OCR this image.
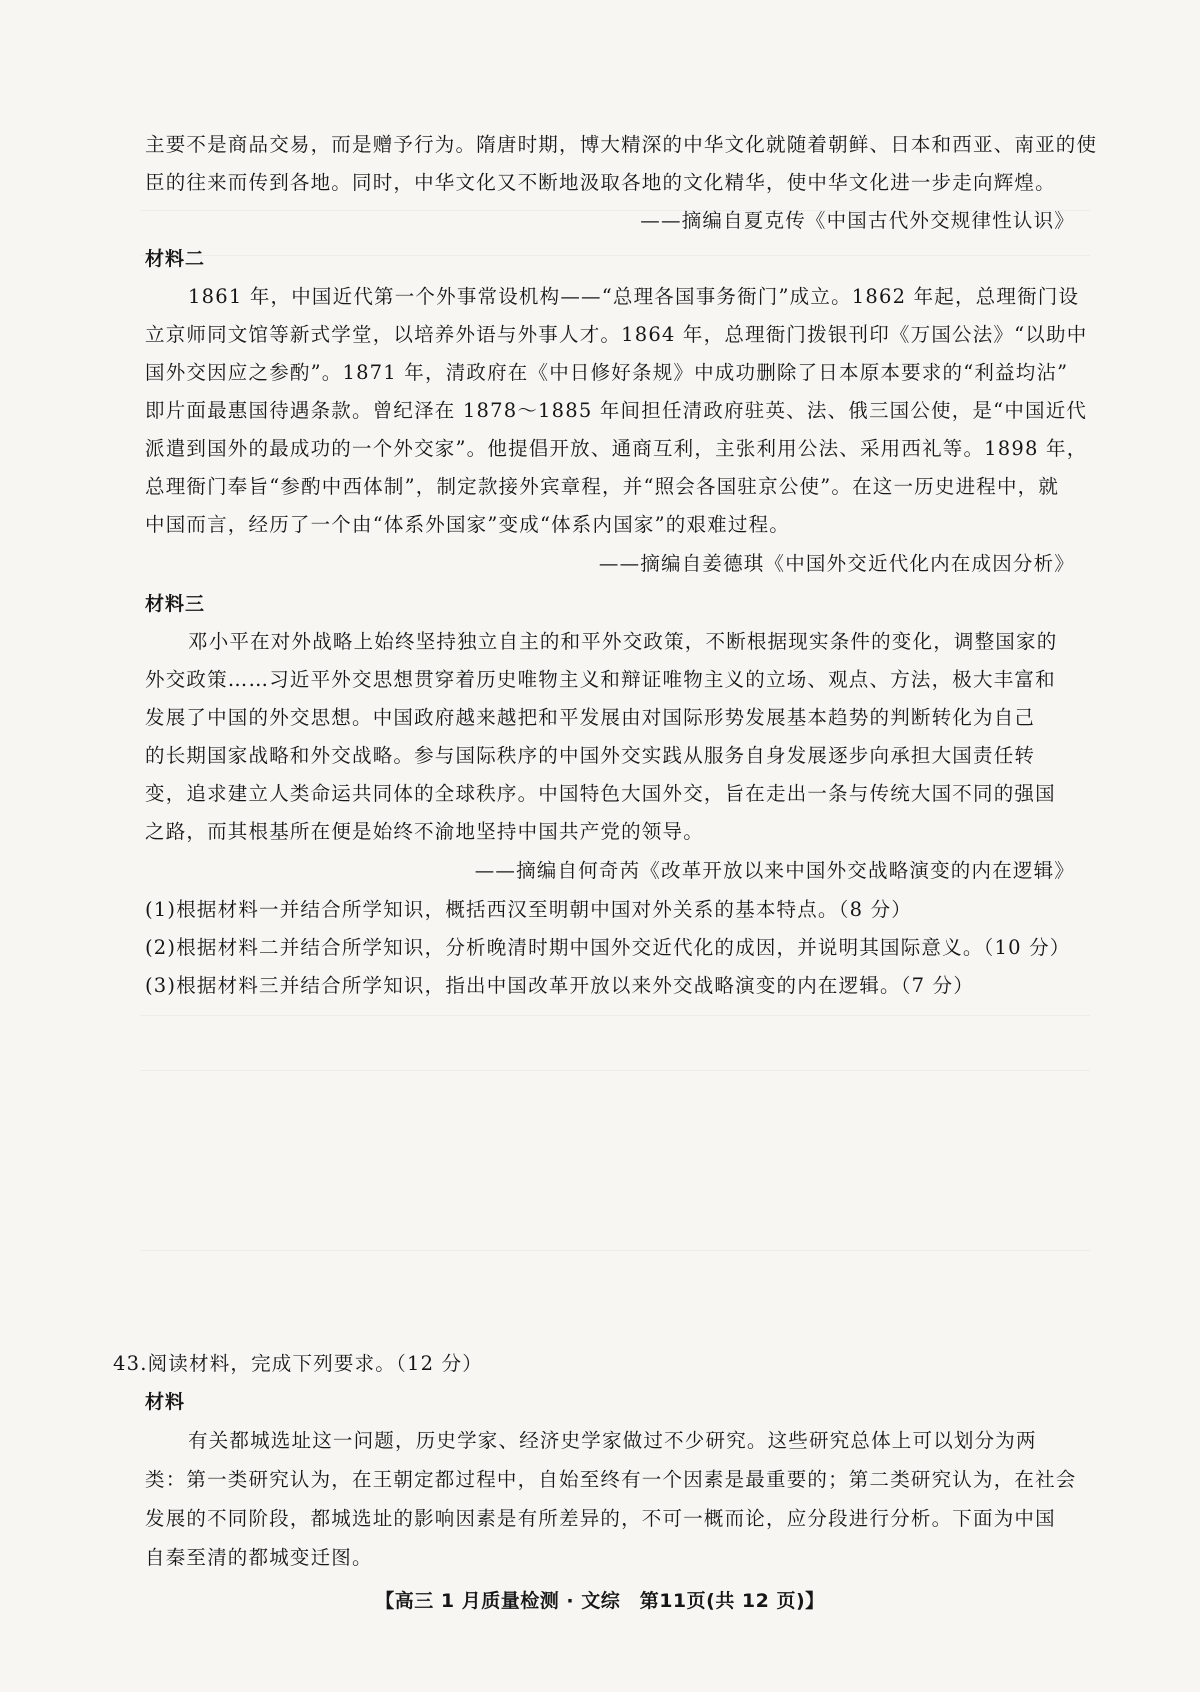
主要不是商品交易，而是赠予行为。隋唐时期，博大精深的中华文化就随着朝鲜、日本和西亚、南亚的使
臣的往来而传到各地。同时，中华文化又不断地汲取各地的文化精华，使中华文化进一步走向辉煌。
——摘编自夏克传《中国古代外交规律性认识》
材料二
1861 年，中国近代第一个外事常设机构——“总理各国事务衙门”成立。1862 年起，总理衙门设
立京师同文馆等新式学堂，以培养外语与外事人才。1864 年，总理衙门拨银刊印《万国公法》“以助中
国外交因应之参酌”。1871 年，清政府在《中日修好条规》中成功删除了日本原本要求的“利益均沾”
即片面最惠国待遇条款。曾纪泽在 1878～1885 年间担任清政府驻英、法、俄三国公使，是“中国近代
派遣到国外的最成功的一个外交家”。他提倡开放、通商互利，主张利用公法、采用西礼等。1898 年，
总理衙门奉旨“参酌中西体制”，制定款接外宾章程，并“照会各国驻京公使”。在这一历史进程中，就
中国而言，经历了一个由“体系外国家”变成“体系内国家”的艰难过程。
——摘编自姜德琪《中国外交近代化内在成因分析》
材料三
邓小平在对外战略上始终坚持独立自主的和平外交政策，不断根据现实条件的变化，调整国家的
外交政策……习近平外交思想贯穿着历史唯物主义和辩证唯物主义的立场、观点、方法，极大丰富和
发展了中国的外交思想。中国政府越来越把和平发展由对国际形势发展基本趋势的判断转化为自己
的长期国家战略和外交战略。参与国际秩序的中国外交实践从服务自身发展逐步向承担大国责任转
变，追求建立人类命运共同体的全球秩序。中国特色大国外交，旨在走出一条与传统大国不同的强国
之路，而其根基所在便是始终不渝地坚持中国共产党的领导。
——摘编自何奇芮《改革开放以来中国外交战略演变的内在逻辑》
(1)根据材料一并结合所学知识，概括西汉至明朝中国对外关系的基本特点。（8 分）
(2)根据材料二并结合所学知识，分析晚清时期中国外交近代化的成因，并说明其国际意义。（10 分）
(3)根据材料三并结合所学知识，指出中国改革开放以来外交战略演变的内在逻辑。（7 分）
43.阅读材料，完成下列要求。（12 分）
材料
有关都城选址这一问题，历史学家、经济史学家做过不少研究。这些研究总体上可以划分为两
类：第一类研究认为，在王朝定都过程中，自始至终有一个因素是最重要的；第二类研究认为，在社会
发展的不同阶段，都城选址的影响因素是有所差异的，不可一概而论，应分段进行分析。下面为中国
自秦至清的都城变迁图。
【高三 1 月质量检测 · 文综　第11页(共 12 页)】
